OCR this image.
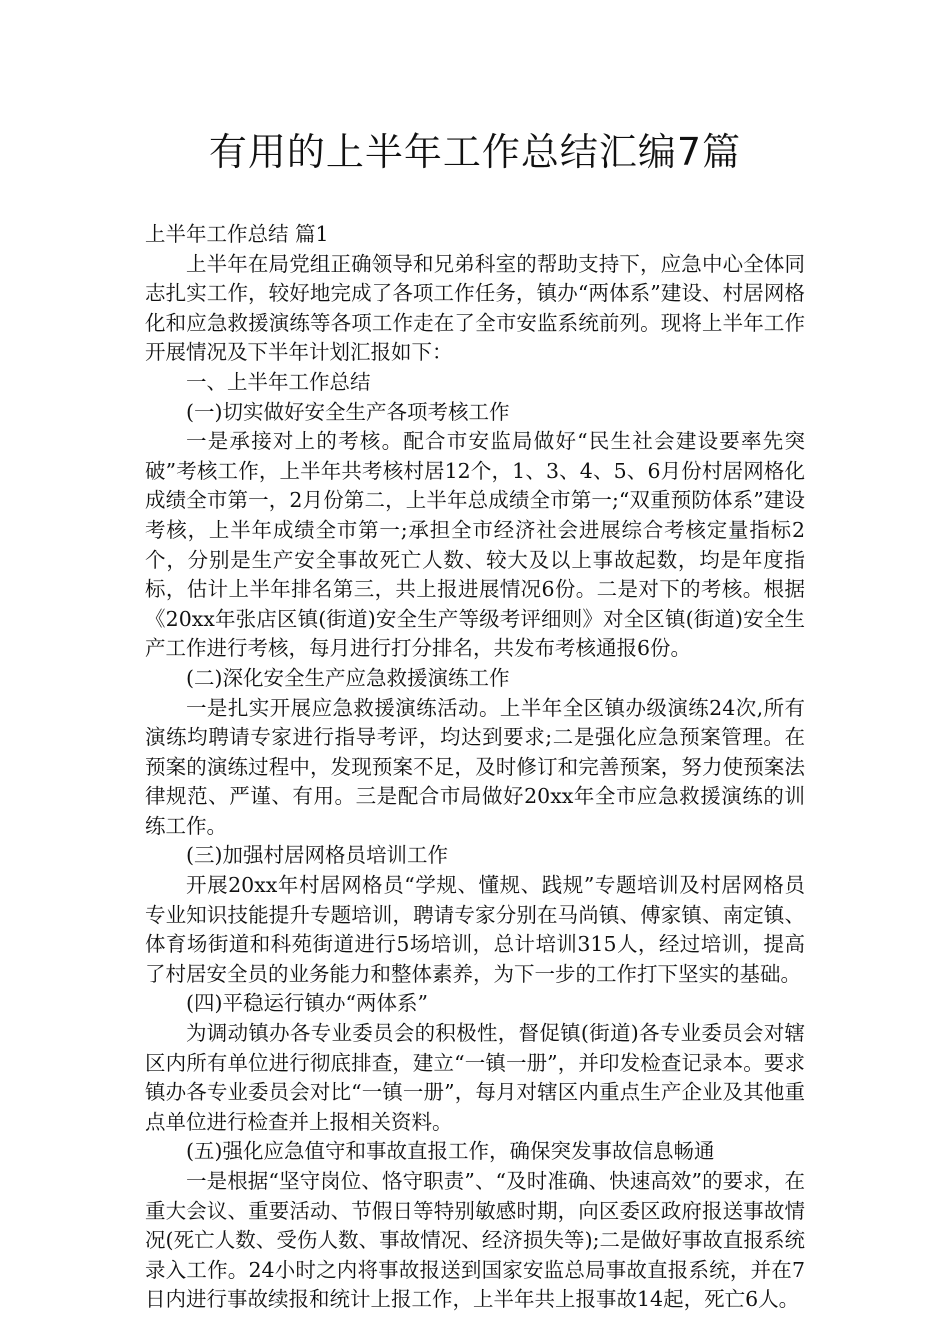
有用的上半年工作总结汇编7篇

上半年工作总结 篇1

上半年在局党组正确领导和兄弟科室的帮助支持下，应急中心全体同志扎实工作，较好地完成了各项工作任务，镇办“两体系”建设、村居网格化和应急救援演练等各项工作走在了全市安监系统前列。现将上半年工作开展情况及下半年计划汇报如下：

一、上半年工作总结

(一)切实做好安全生产各项考核工作

一是承接对上的考核。配合市安监局做好“民生社会建设要率先突破”考核工作，上半年共考核村居12个，1、3、4、5、6月份村居网格化成绩全市第一，2月份第二，上半年总成绩全市第一;“双重预防体系”建设考核，上半年成绩全市第一;承担全市经济社会进展综合考核定量指标2个，分别是生产安全事故死亡人数、较大及以上事故起数，均是年度指标，估计上半年排名第三，共上报进展情况6份。二是对下的考核。根据《20xx年张店区镇(街道)安全生产等级考评细则》对全区镇(街道)安全生产工作进行考核，每月进行打分排名，共发布考核通报6份。

(二)深化安全生产应急救援演练工作

一是扎实开展应急救援演练活动。上半年全区镇办级演练24次,所有演练均聘请专家进行指导考评，均达到要求;二是强化应急预案管理。在预案的演练过程中，发现预案不足，及时修订和完善预案，努力使预案法律规范、严谨、有用。三是配合市局做好20xx年全市应急救援演练的训练工作。

(三)加强村居网格员培训工作

开展20xx年村居网格员“学规、懂规、践规”专题培训及村居网格员专业知识技能提升专题培训，聘请专家分别在马尚镇、傅家镇、南定镇、体育场街道和科苑街道进行5场培训，总计培训315人，经过培训，提高了村居安全员的业务能力和整体素养，为下一步的工作打下坚实的基础。

(四)平稳运行镇办“两体系”

为调动镇办各专业委员会的积极性，督促镇(街道)各专业委员会对辖区内所有单位进行彻底排查，建立“一镇一册”，并印发检查记录本。要求镇办各专业委员会对比“一镇一册”，每月对辖区内重点生产企业及其他重点单位进行检查并上报相关资料。

(五)强化应急值守和事故直报工作，确保突发事故信息畅通

一是根据“坚守岗位、恪守职责”、“及时准确、快速高效”的要求，在重大会议、重要活动、节假日等特别敏感时期，向区委区政府报送事故情况(死亡人数、受伤人数、事故情况、经济损失等);二是做好事故直报系统录入工作。24小时之内将事故报送到国家安监总局事故直报系统，并在7日内进行事故续报和统计上报工作，上半年共上报事故14起，死亡6人。
